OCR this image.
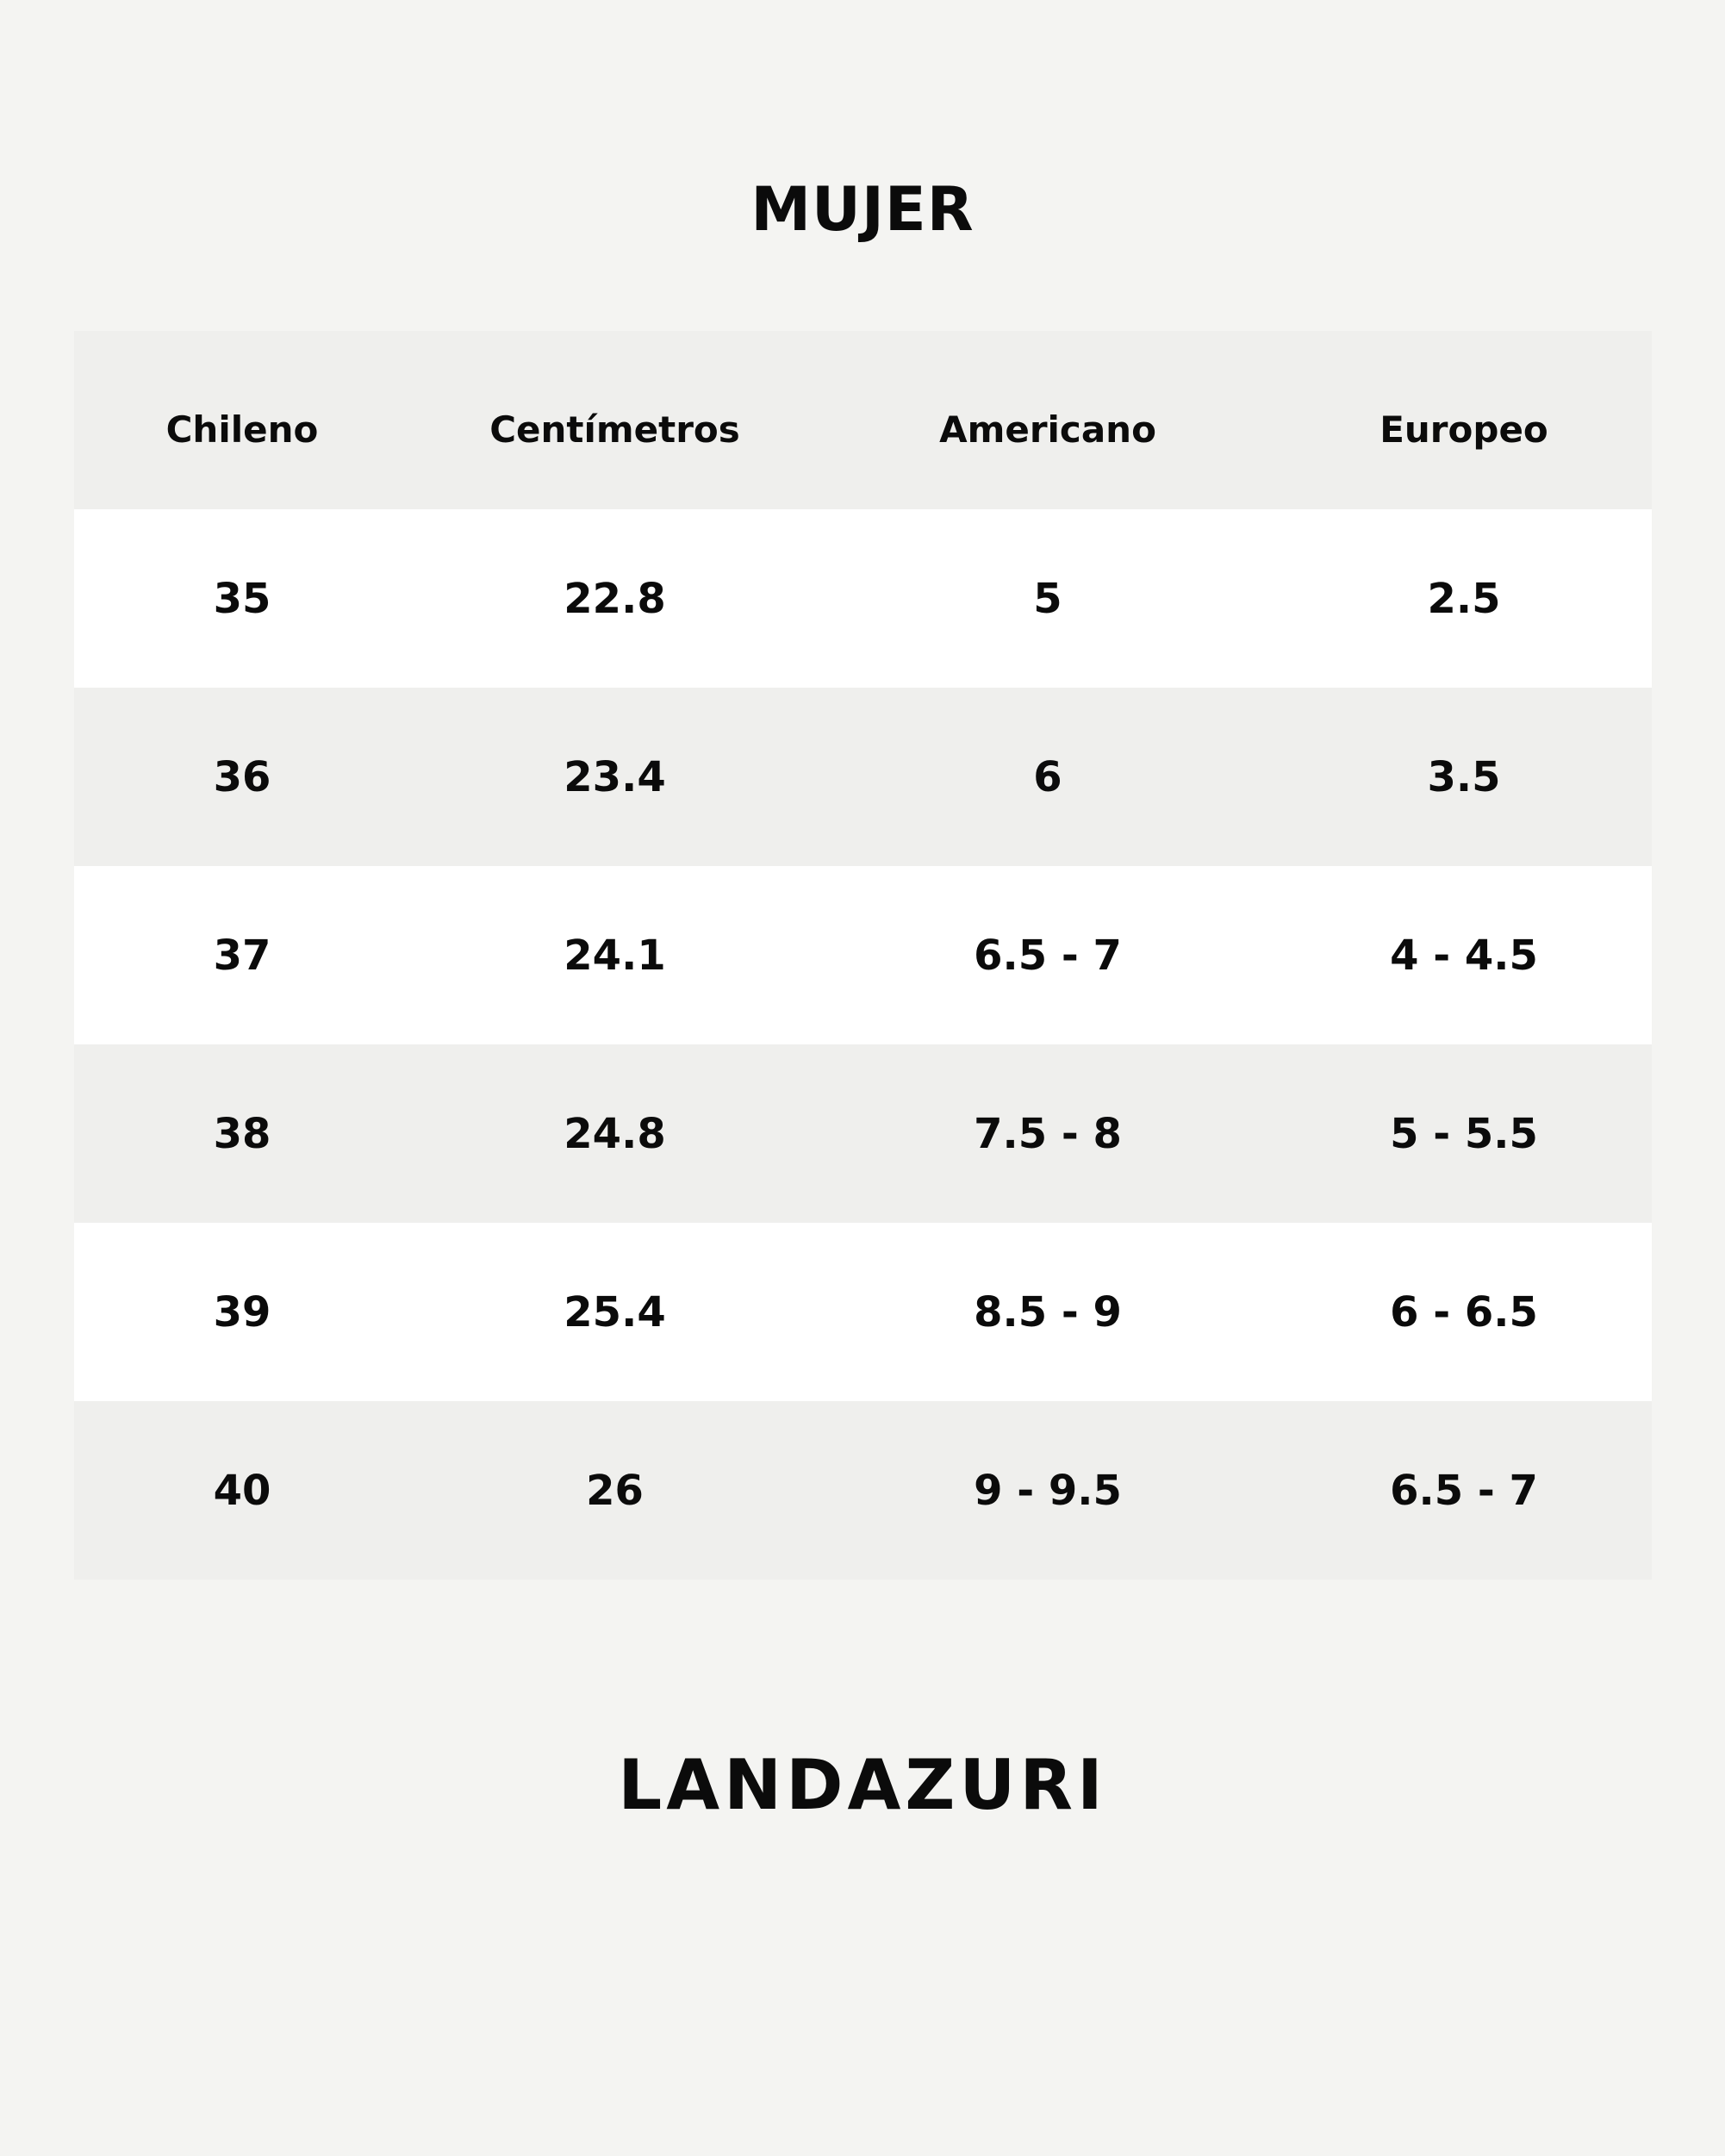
MUJER
Chileno	Centímetros	Americano	Europeo
35	22.8	5	2.5
36	23.4	6	3.5
37	24.1	6.5 - 7	4 - 4.5
38	24.8	7.5 - 8	5 - 5.5
39	25.4	8.5 - 9	6 - 6.5
40	26	9 - 9.5	6.5 - 7
LANDAZURI
